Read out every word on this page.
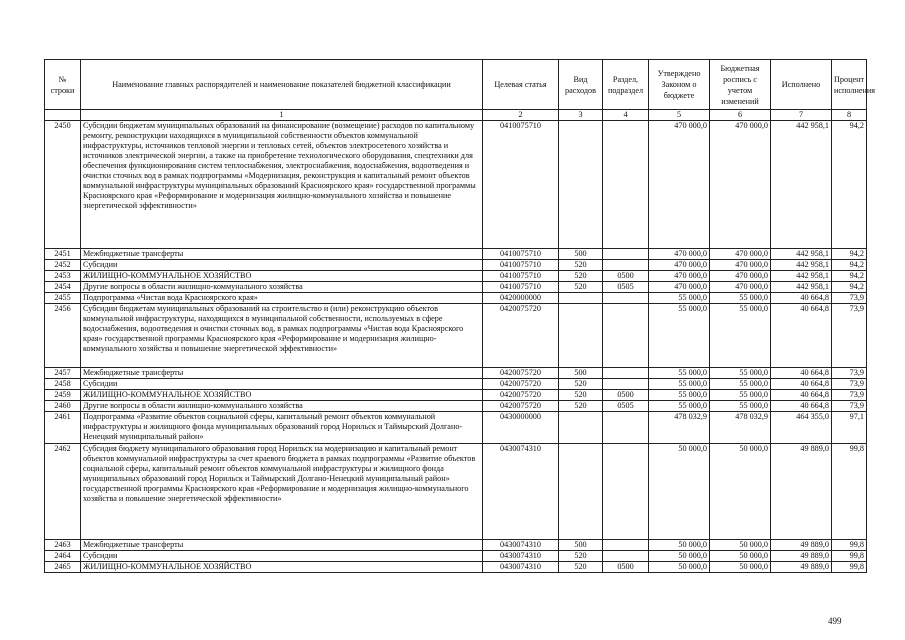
№ строки	Наименование главных распорядителей и наименование показателей бюджетной классификации	Целевая статья	Вид расходов	Раздел, подраздел	Утверждено Законом о бюджете	Бюджетная роспись с учетом изменений	Исполнено	Процент исполнения
	1	2	3	4	5	6	7	8
2450	Субсидии бюджетам муниципальных образований на финансирование (возмещение) расходов по капитальному ремонту, реконструкции находящихся в муниципальной собственности объектов коммунальной инфраструктуры, источников тепловой энергии и тепловых сетей, объектов электросетевого хозяйства и источников электрической энергии, а также на приобретение технологического оборудования, спецтехники для обеспечения функционирования систем теплоснабжения, электроснабжения, водоснабжения, водоотведения и очистки сточных вод в рамках подпрограммы «Модернизация, реконструкция и капитальный ремонт объектов коммунальной инфраструктуры муниципальных образований Красноярского края» государственной программы Красноярского края «Реформирование и модернизация жилищно-коммунального хозяйства и повышение энергетической эффективности»	0410075710			470 000,0	470 000,0	442 958,1	94,2
2451	Межбюджетные трансферты	0410075710	500		470 000,0	470 000,0	442 958,1	94,2
2452	Субсидии	0410075710	520		470 000,0	470 000,0	442 958,1	94,2
2453	ЖИЛИЩНО-КОММУНАЛЬНОЕ ХОЗЯЙСТВО	0410075710	520	0500	470 000,0	470 000,0	442 958,1	94,2
2454	Другие вопросы в области жилищно-коммунального хозяйства	0410075710	520	0505	470 000,0	470 000,0	442 958,1	94,2
2455	Подпрограмма «Чистая вода Красноярского края»	0420000000			55 000,0	55 000,0	40 664,8	73,9
2456	Субсидии бюджетам муниципальных образований на строительство и (или) реконструкцию объектов коммунальной инфраструктуры, находящихся в муниципальной собственности, используемых в сфере водоснабжения, водоотведения и очистки сточных вод, в рамках подпрограммы «Чистая вода Красноярского края» государственной программы Красноярского края «Реформирование и модернизация жилищно-коммунального хозяйства и повышение энергетической эффективности»	0420075720			55 000,0	55 000,0	40 664,8	73,9
2457	Межбюджетные трансферты	0420075720	500		55 000,0	55 000,0	40 664,8	73,9
2458	Субсидии	0420075720	520		55 000,0	55 000,0	40 664,8	73,9
2459	ЖИЛИЩНО-КОММУНАЛЬНОЕ ХОЗЯЙСТВО	0420075720	520	0500	55 000,0	55 000,0	40 664,8	73,9
2460	Другие вопросы в области жилищно-коммунального хозяйства	0420075720	520	0505	55 000,0	55 000,0	40 664,8	73,9
2461	Подпрограмма «Развитие объектов социальной сферы, капитальный ремонт объектов коммунальной инфраструктуры и жилищного фонда муниципальных образований город Норильск и Таймырский Долгано-Ненецкий муниципальный район»	0430000000			478 032,9	478 032,9	464 355,0	97,1
2462	Субсидия бюджету муниципального образования город Норильск на модернизацию и капитальный ремонт объектов коммунальной инфраструктуры за счет краевого бюджета в рамках подпрограммы «Развитие объектов социальной сферы, капитальный ремонт объектов коммунальной инфраструктуры и жилищного фонда муниципальных образований город Норильск и Таймырский Долгано-Ненецкий муниципальный район» государственной программы Красноярского края «Реформирование и модернизация жилищно-коммунального хозяйства и повышение энергетической эффективности»	0430074310			50 000,0	50 000,0	49 889,0	99,8
2463	Межбюджетные трансферты	0430074310	500		50 000,0	50 000,0	49 889,0	99,8
2464	Субсидии	0430074310	520		50 000,0	50 000,0	49 889,0	99,8
2465	ЖИЛИЩНО-КОММУНАЛЬНОЕ ХОЗЯЙСТВО	0430074310	520	0500	50 000,0	50 000,0	49 889,0	99,8
499
